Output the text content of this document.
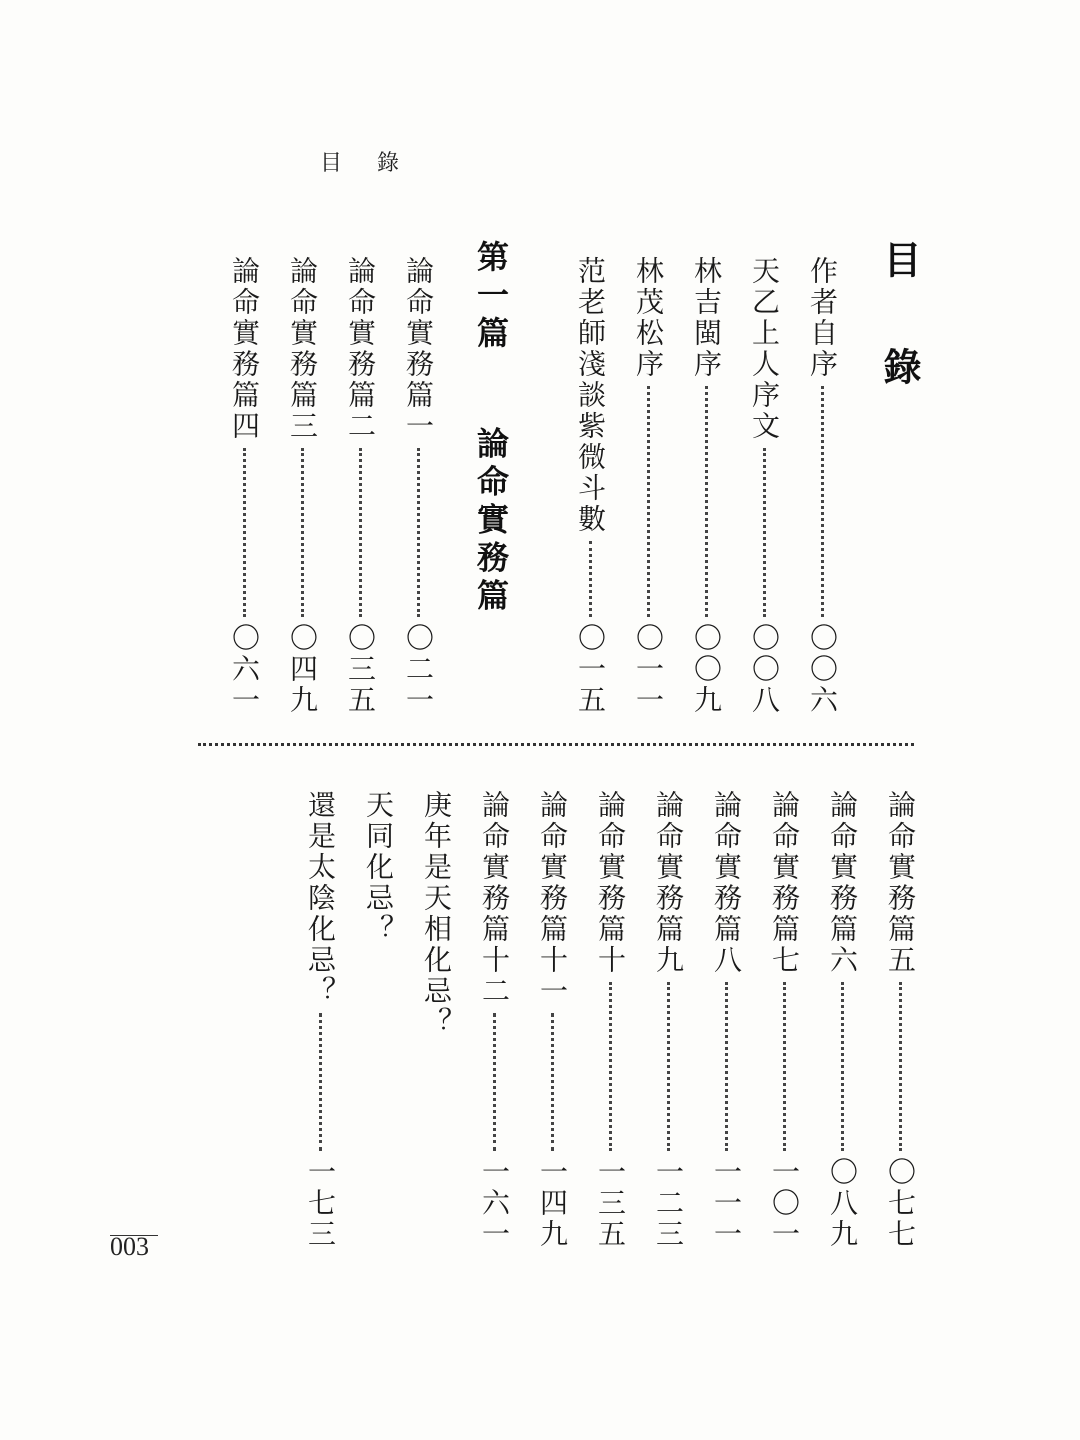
目 錄
目 錄
作者自序
〇〇六
天乙上人序文
〇〇八
林吉閩序
〇〇九
林茂松序
〇一一
范老師淺談紫微斗數
〇一五
第一篇 　 論命實務篇
論命實務篇一
〇二一
論命實務篇二
〇三五
論命實務篇三
〇四九
論命實務篇四
〇六一
論命實務篇五
〇七七
論命實務篇六
〇八九
論命實務篇七
一〇一
論命實務篇八
一一一
論命實務篇九
一二三
論命實務篇十
一三五
論命實務篇十一
一四九
論命實務篇十二
一六一
庚年是天相化忌？
天同化忌？
還是太陰化忌？
一七三
003
